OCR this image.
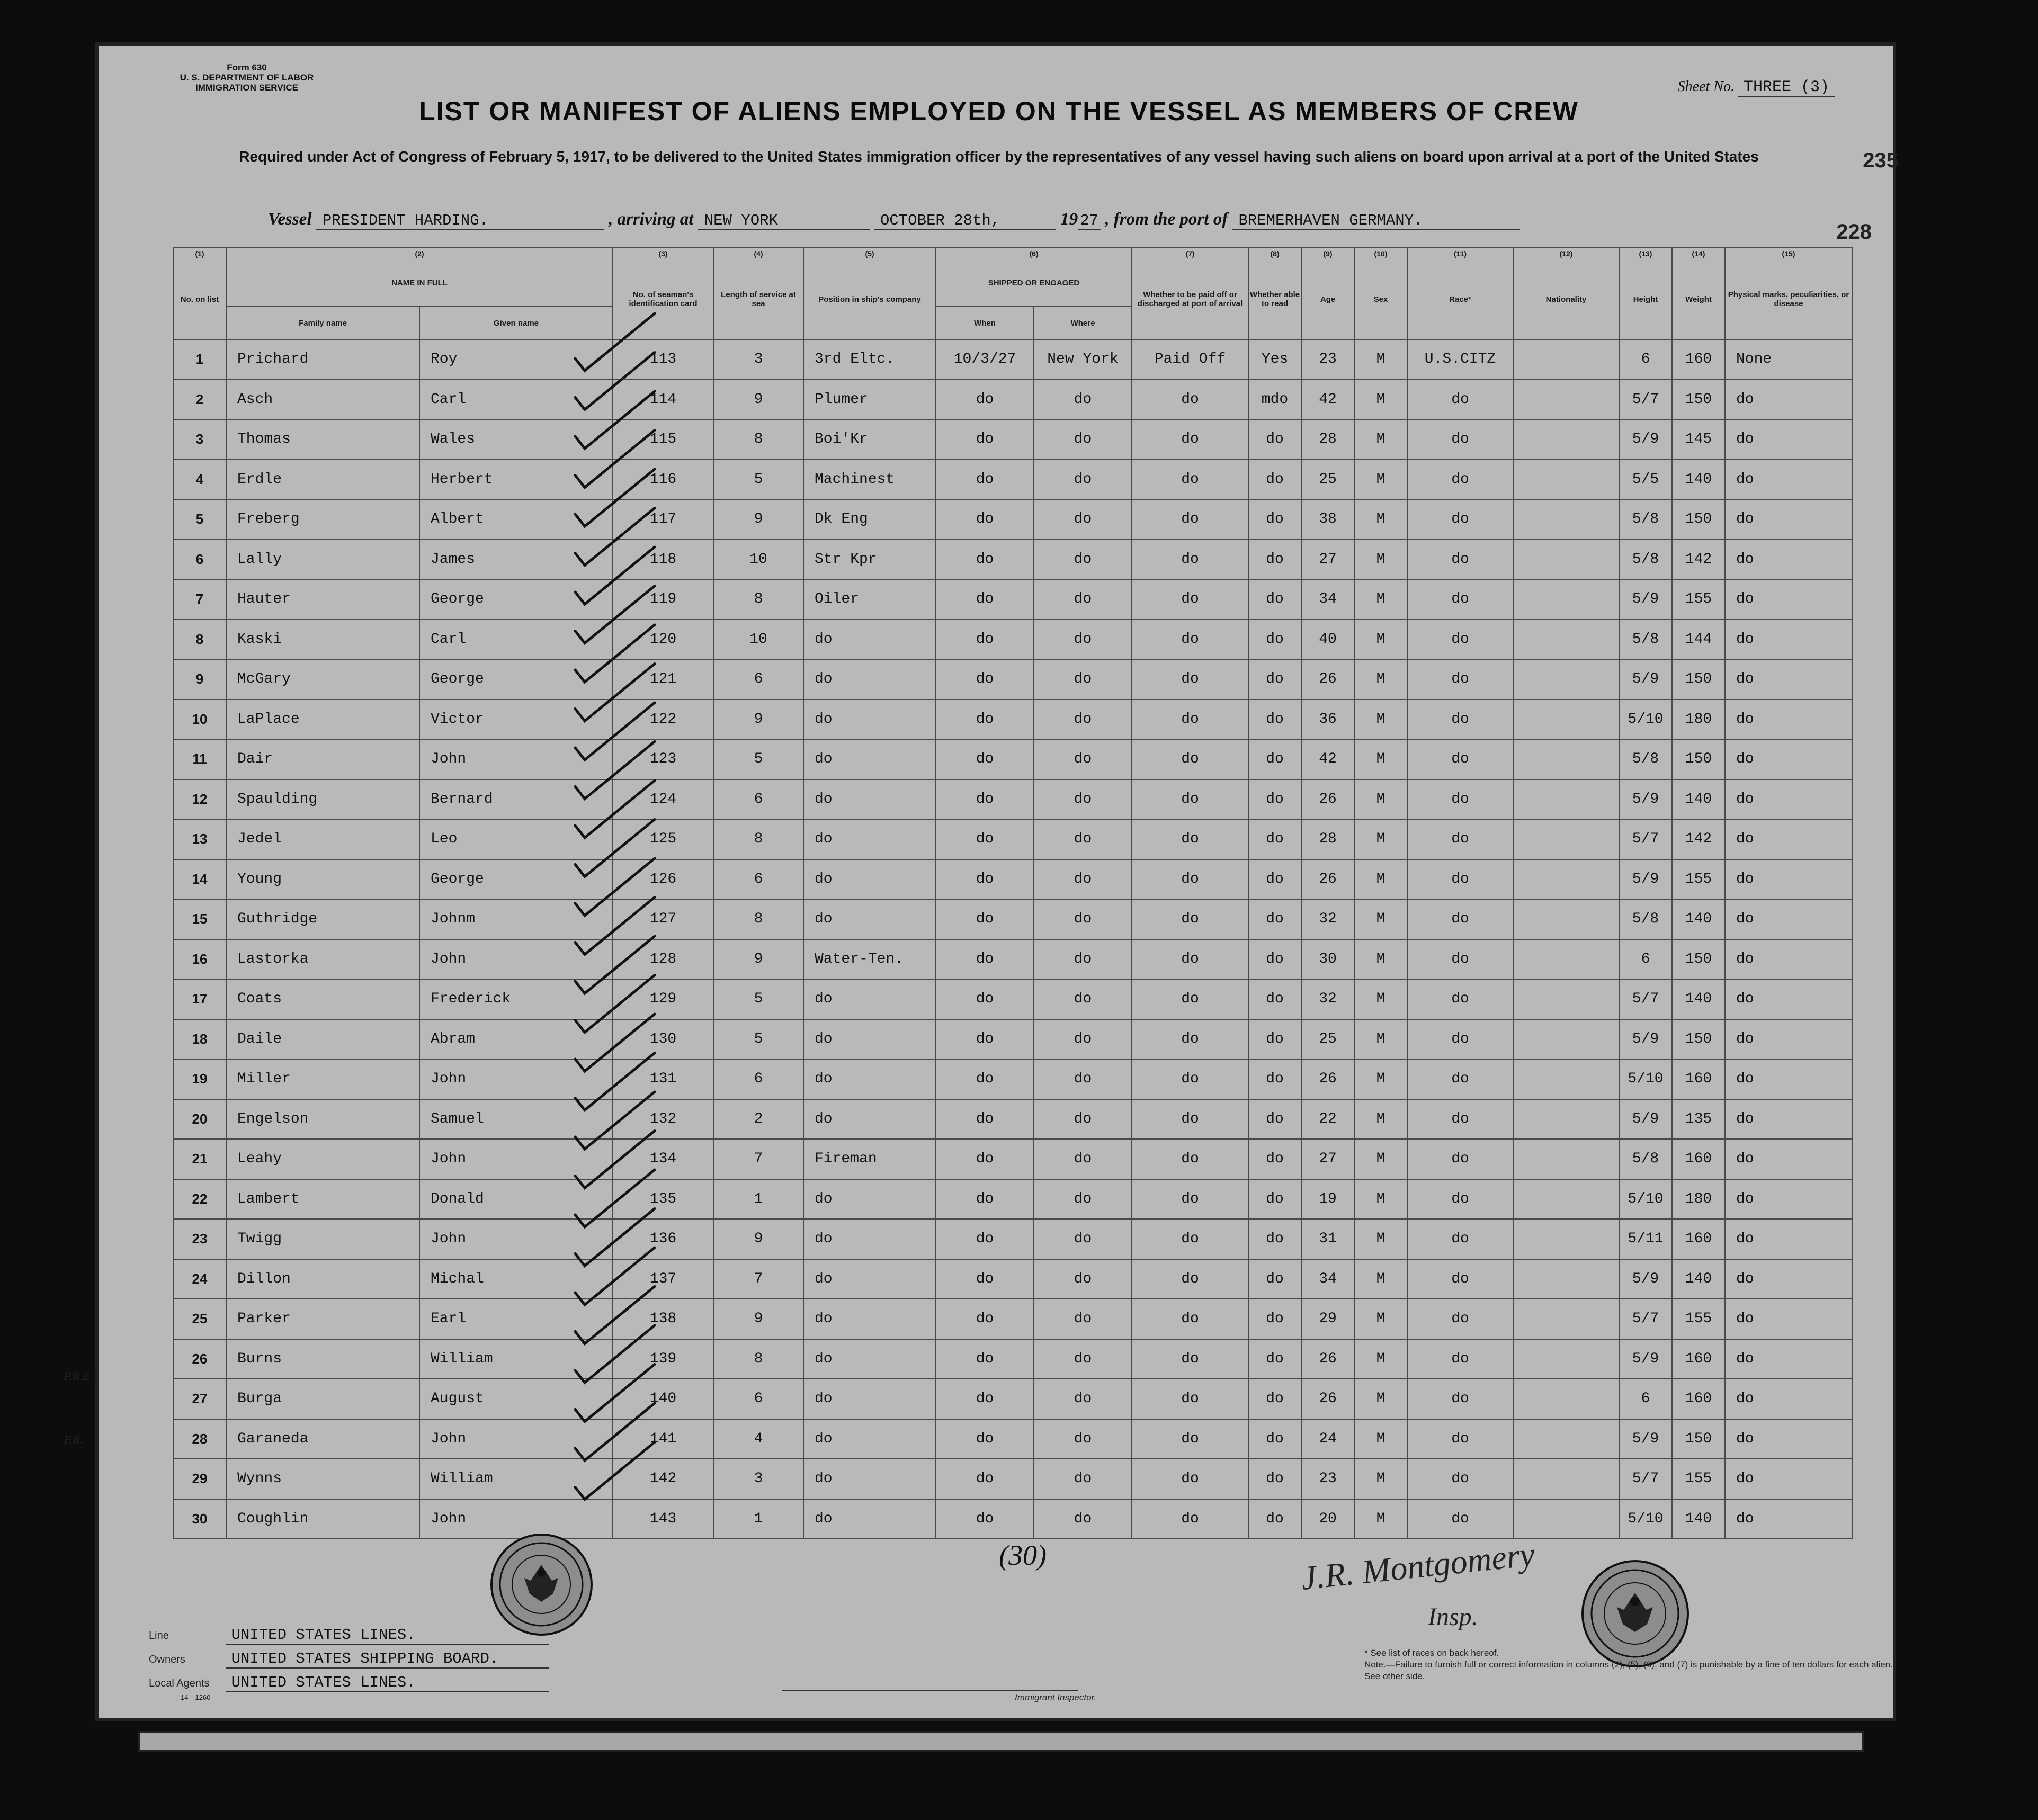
Form 630
U. S. DEPARTMENT OF LABOR
IMMIGRATION SERVICE	Sheet No. THREE (3)
LIST OR MANIFEST OF ALIENS EMPLOYED ON THE VESSEL AS MEMBERS OF CREW
Required under Act of Congress of February 5, 1917, to be delivered to the United States immigration officer by the representatives of any vessel having such aliens on board upon arrival at a port of the United States	235
228
Vessel PRESIDENT HARDING.	, arriving at NEW YORK	OCTOBER 28th,	19 27 , from the port of BREMERHAVEN GERMANY.
(1)	(2)		(3)	(4)	(5)	(6)		(7)	(8)	(9)	(10)	(11)	(12)	(13)	(14)	(15)
No. on list	NAME IN FULL		No. of seaman's identification card	Length of service at sea	Position in ship's company	SHIPPED OR ENGAGED		Whether to be paid off or discharged at port of arrival	Whether able to read	Age	Sex	Race*	Nationality	Height	Weight	Physical marks, peculiarities, or disease
	Family name	Given name				When	Where									
1	Prichard	Roy	113	3	3rd Eltc.	10/3/27	New York	Paid Off	Yes	23	M	U.S.CITZ		6	160	None
2	Asch	Carl	114	9	Plumer	do	do	do	mdo	42	M	do		5/7	150	do
3	Thomas	Wales	115	8	Boi'Kr	do	do	do	do	28	M	do		5/9	145	do
4	Erdle	Herbert	116	5	Machinest	do	do	do	do	25	M	do		5/5	140	do
5	Freberg	Albert	117	9	Dk Eng	do	do	do	do	38	M	do		5/8	150	do
6	Lally	James	118	10	Str Kpr	do	do	do	do	27	M	do		5/8	142	do
7	Hauter	George	119	8	Oiler	do	do	do	do	34	M	do		5/9	155	do
8	Kaski	Carl	120	10	do	do	do	do	do	40	M	do		5/8	144	do
9	McGary	George	121	6	do	do	do	do	do	26	M	do		5/9	150	do
10	LaPlace	Victor	122	9	do	do	do	do	do	36	M	do		5/10	180	do
11	Dair	John	123	5	do	do	do	do	do	42	M	do		5/8	150	do
12	Spaulding	Bernard	124	6	do	do	do	do	do	26	M	do		5/9	140	do
13	Jedel	Leo	125	8	do	do	do	do	do	28	M	do		5/7	142	do
14	Young	George	126	6	do	do	do	do	do	26	M	do		5/9	155	do
15	Guthridge	Johnm	127	8	do	do	do	do	do	32	M	do		5/8	140	do
16	Lastorka	John	128	9	Water-Ten.	do	do	do	do	30	M	do		6	150	do
17	Coats	Frederick	129	5	do	do	do	do	do	32	M	do		5/7	140	do
18	Daile	Abram	130	5	do	do	do	do	do	25	M	do		5/9	150	do
19	Miller	John	131	6	do	do	do	do	do	26	M	do		5/10	160	do
20	Engelson	Samuel	132	2	do	do	do	do	do	22	M	do		5/9	135	do
21	Leahy	John	134	7	Fireman	do	do	do	do	27	M	do		5/8	160	do
22	Lambert	Donald	135	1	do	do	do	do	do	19	M	do		5/10	180	do
23	Twigg	John	136	9	do	do	do	do	do	31	M	do		5/11	160	do
24	Dillon	Michal	137	7	do	do	do	do	do	34	M	do		5/9	140	do
25	Parker	Earl	138	9	do	do	do	do	do	29	M	do		5/7	155	do
26	Burns	William	139	8	do	do	do	do	do	26	M	do		5/9	160	do
27	Burga	August	140	6	do	do	do	do	do	26	M	do		6	160	do
28	Garaneda	John	141	4	do	do	do	do	do	24	M	do		5/9	150	do
29	Wynns	William	142	3	do	do	do	do	do	23	M	do		5/7	155	do
30	Coughlin	John	143	1	do	do	do	do	do	20	M	do		5/10	140	do
F.R.E
F.R.
(30)	J.R. Montgomery
Insp.
Line	UNITED STATES LINES.
Owners	UNITED STATES SHIPPING BOARD.
Local Agents UNITED STATES LINES.
14—1260	Immigrant Inspector.
* See list of races on back hereof.
Note.—Failure to furnish full or correct information in columns (2), (5), (6), and (7) is punishable by a fine of ten dollars for each alien. See other side.
